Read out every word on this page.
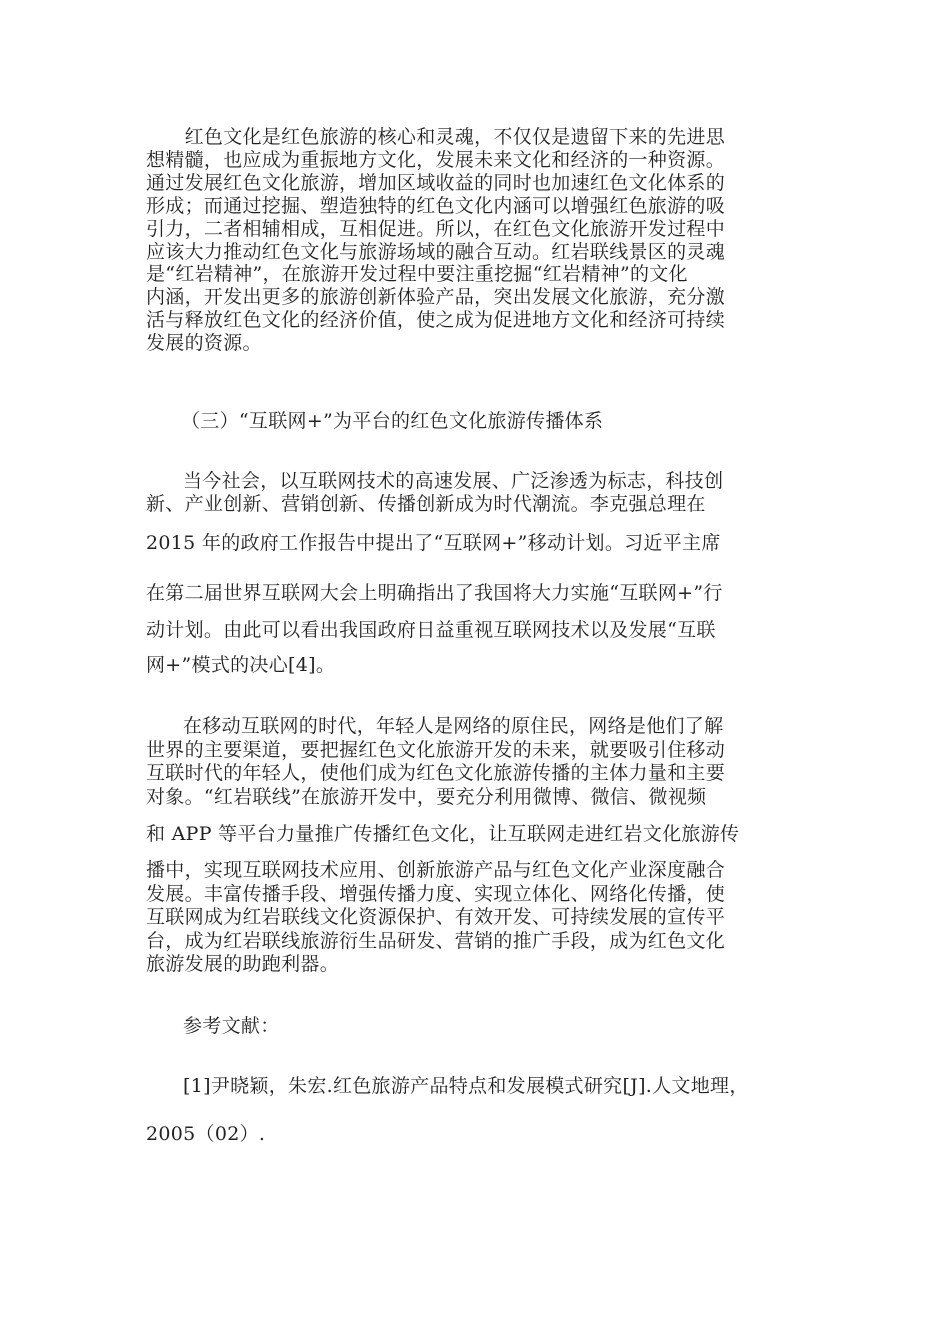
　　红色文化是红色旅游的核心和灵魂，不仅仅是遗留下来的先进思
想精髓，也应成为重振地方文化，发展未来文化和经济的一种资源。
通过发展红色文化旅游，增加区域收益的同时也加速红色文化体系的
形成；而通过挖掘、塑造独特的红色文化内涵可以增强红色旅游的吸
引力，二者相辅相成，互相促进。所以，在红色文化旅游开发过程中
应该大力推动红色文化与旅游场域的融合互动。红岩联线景区的灵魂
是“红岩精神”，在旅游开发过程中要注重挖掘“红岩精神”的文化
内涵，开发出更多的旅游创新体验产品，突出发展文化旅游，充分激
活与释放红色文化的经济价值，使之成为促进地方文化和经济可持续
发展的资源。
（三）“互联网+”为平台的红色文化旅游传播体系
当今社会，以互联网技术的高速发展、广泛渗透为标志，科技创
新、产业创新、营销创新、传播创新成为时代潮流。李克强总理在
2015 年的政府工作报告中提出了“互联网+”移动计划。习近平主席
在第二届世界互联网大会上明确指出了我国将大力实施“互联网+”行
动计划。由此可以看出我国政府日益重视互联网技术以及发展“互联
网+”模式的决心[4]。
在移动互联网的时代，年轻人是网络的原住民，网络是他们了解
世界的主要渠道，要把握红色文化旅游开发的未来，就要吸引住移动
互联时代的年轻人，使他们成为红色文化旅游传播的主体力量和主要
对象。“红岩联线”在旅游开发中，要充分利用微博、微信、微视频
和 APP 等平台力量推广传播红色文化，让互联网走进红岩文化旅游传
播中，实现互联网技术应用、创新旅游产品与红色文化产业深度融合
发展。丰富传播手段、增强传播力度、实现立体化、网络化传播，使
互联网成为红岩联线文化资源保护、有效开发、可持续发展的宣传平
台，成为红岩联线旅游衍生品研发、营销的推广手段，成为红色文化
旅游发展的助跑利器。
参考文献：
[1]尹晓颖，朱宏.红色旅游产品特点和发展模式研究[J].人文地理，
2005（02）.
